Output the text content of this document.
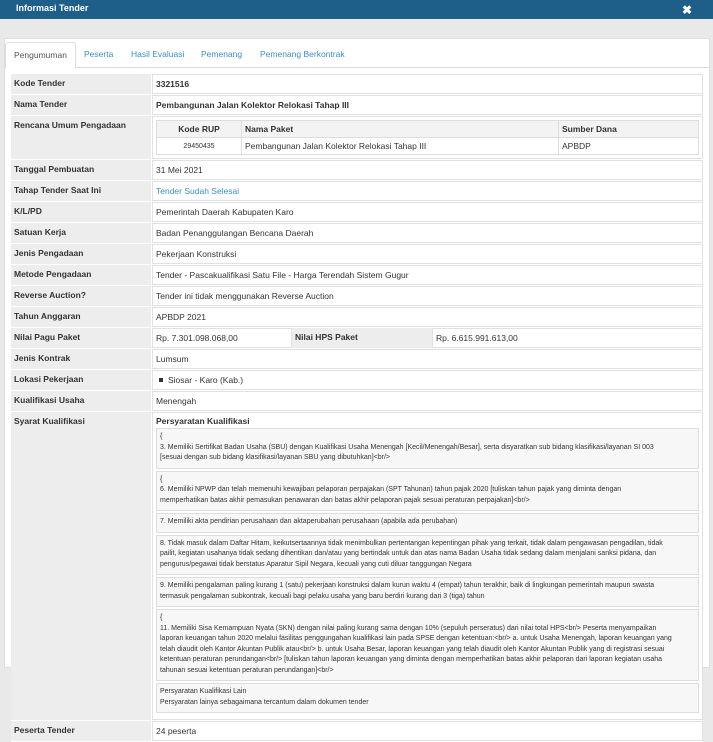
Informasi Tender	✖
Pengumuman	Peserta	Hasil Evaluasi	Pemenang	Pemenang Berkontrak
Kode Tender	3321516
Nama Tender	Pembangunan Jalan Kolektor Relokasi Tahap III
Rencana Umum Pengadaan	Kode RUP	Nama Paket	Sumber Dana
29450435	Pembangunan Jalan Kolektor Relokasi Tahap III	APBDP
Tanggal Pembuatan	31 Mei 2021
Tahap Tender Saat Ini	Tender Sudah Selesai
K/L/PD	Pemerintah Daerah Kabupaten Karo
Satuan Kerja	Badan Penanggulangan Bencana Daerah
Jenis Pengadaan	Pekerjaan Konstruksi
Metode Pengadaan	Tender - Pascakualifikasi Satu File - Harga Terendah Sistem Gugur
Reverse Auction?	Tender ini tidak menggunakan Reverse Auction
Tahun Anggaran	APBDP 2021
Nilai Pagu Paket	Rp. 7.301.098.068,00	Nilai HPS Paket	Rp. 6.615.991.613,00
Jenis Kontrak	Lumsum
Lokasi Pekerjaan	Siosar - Karo (Kab.)
Kualifikasi Usaha	Menengah
Syarat Kualifikasi	Persyaratan Kualifikasi
{
3. Memiliki Sertifikat Badan Usaha (SBU) dengan Kualifikasi Usaha Menengah [Kecil/Menengah/Besar], serta disyaratkan sub bidang klasifikasi/layanan SI 003
[sesuai dengan sub bidang klasifikasi/layanan SBU yang dibutuhkan]<br/>
{
6. Memiliki NPWP dan telah memenuhi kewajiban pelaporan perpajakan (SPT Tahunan) tahun pajak 2020 [tuliskan tahun pajak yang diminta dengan
memperhatikan batas akhir pemasukan penawaran dan batas akhir pelaporan pajak sesuai peraturan perpajakan]<br/>
7. Memiliki akta pendirian perusahaan dan aktaperubahan perusahaan (apabila ada perubahan)
8. Tidak masuk dalam Daftar Hitam, keikutsertaannya tidak menimbulkan pertentangan kepentingan pihak yang terkait, tidak dalam pengawasan pengadilan, tidak
pailit, kegiatan usahanya tidak sedang dihentikan dan/atau yang bertindak untuk dan atas nama Badan Usaha tidak sedang dalam menjalani sanksi pidana, dan
pengurus/pegawai tidak berstatus Aparatur Sipil Negara, kecuali yang cuti diluar tanggungan Negara
9. Memiliki pengalaman paling kurang 1 (satu) pekerjaan konstruksi dalam kurun waktu 4 (empat) tahun terakhir, baik di lingkungan pemerintah maupun swasta
termasuk pengalaman subkontrak, kecuali bagi pelaku usaha yang baru berdiri kurang dari 3 (tiga) tahun
{
11. Memiliki Sisa Kemampuan Nyata (SKN) dengan nilai paling kurang sama dengan 10% (sepuluh perseratus) dari nilai total HPS<br/> Peserta menyampaikan
laporan keuangan tahun 2020 melalui fasilitas penggungahan kualifikasi lain pada SPSE dengan ketentuan:<br/> a. untuk Usaha Menengah, laporan keuangan yang
telah diaudit oleh Kantor Akuntan Publik atau<br/> b. untuk Usaha Besar, laporan keuangan yang telah diaudit oleh Kantor Akuntan Publik yang di registrasi sesuai
ketentuan peraturan perundangan<br/> [tuliskan tahun laporan keuangan yang diminta dengan memperhatikan batas akhir pelaporan dari laporan kegiatan usaha
tahunan sesuai ketentuan peraturan perundangan]<br/>
Persyaratan Kualifikasi Lain
Persyaratan lainya sebagaimana tercantum dalam dokumen tender
Peserta Tender	24 peserta
